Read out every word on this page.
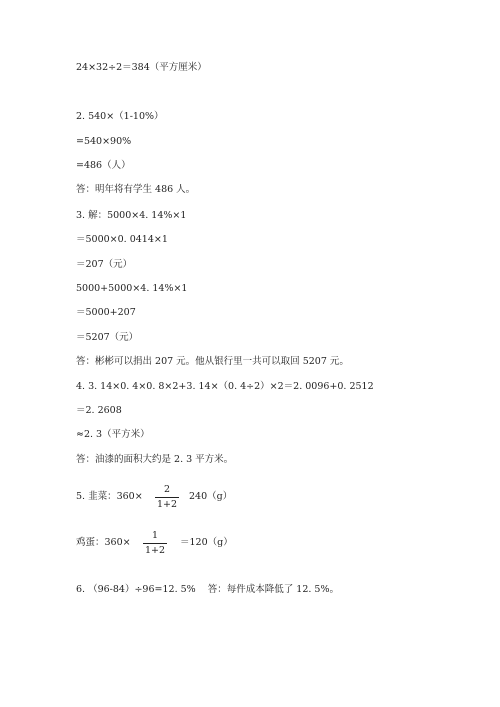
24×32÷2＝384（平方厘米）

2. 540×（1-10%）

=540×90%

=486（人）

答：明年将有学生 486 人。

3. 解：5000×4. 14%×1

＝5000×0. 0414×1

＝207（元）

5000+5000×4. 14%×1

＝5000+207

＝5207（元）

答：彬彬可以捐出 207 元。他从银行里一共可以取回 5207 元。

4. 3. 14×0. 4×0. 8×2+3. 14×（0. 4÷2）×2＝2. 0096+0. 2512

＝2. 2608

≈2. 3（平方米）

答：油漆的面积大约是 2. 3 平方米。

5. 韭菜：$360\times \frac{2}{1+2} 240(g)$
鸡蛋：$360\times \frac{1}{1+2} =120(g)$

6. （96-84）÷96=12. 5%    答：每件成本降低了 12. 5%。
